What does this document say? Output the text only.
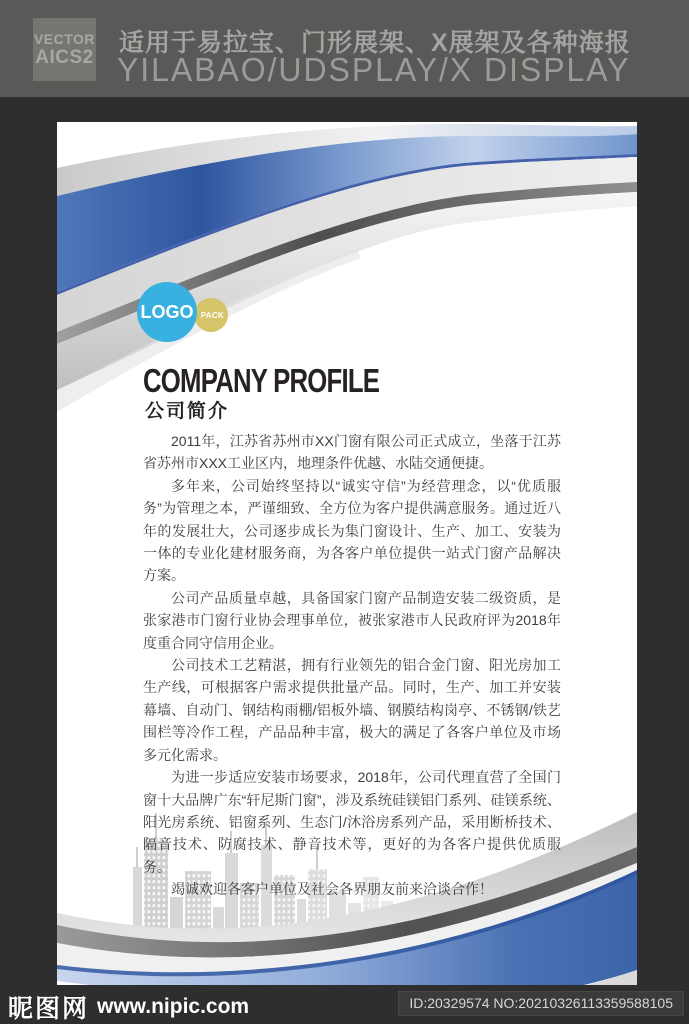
VECTOR
AICS2
适用于易拉宝、门形展架、X展架及各种海报
YILABAO/UDSPLAY/X DISPLAY
PACK
LOGO
COMPANY PROFILE
公司简介

2011年，江苏省苏州市XX门窗有限公司正式成立，坐落于江苏省苏州市XXX工业区内，地理条件优越、水陆交通便捷。

多年来，公司始终坚持以“诚实守信”为经营理念，以“优质服务”为管理之本，严谨细致、全方位为客户提供满意服务。通过近八年的发展壮大，公司逐步成长为集门窗设计、生产、加工、安装为一体的专业化建材服务商，为各客户单位提供一站式门窗产品解决方案。

公司产品质量卓越，具备国家门窗产品制造安装二级资质，是张家港市门窗行业协会理事单位，被张家港市人民政府评为2018年度重合同守信用企业。

公司技术工艺精湛，拥有行业领先的铝合金门窗、阳光房加工生产线，可根据客户需求提供批量产品。同时，生产、加工并安装幕墙、自动门、钢结构雨棚/铝板外墙、钢膜结构岗亭、不锈钢/铁艺围栏等冷作工程，产品品种丰富，极大的满足了各客户单位及市场多元化需求。

为进一步适应安装市场要求，2018年，公司代理直营了全国门窗十大品牌广东“轩尼斯门窗”，涉及系统硅镁铝门系列、硅镁系统、阳光房系统、铝窗系列、生态门/沐浴房系列产品，采用断桥技术、隔音技术、防腐技术、静音技术等，更好的为各客户提供优质服务。

竭诚欢迎各客户单位及社会各界朋友前来洽谈合作！

昵图网 www.nipic.com	ID:20329574 NO:20210326113359588105
